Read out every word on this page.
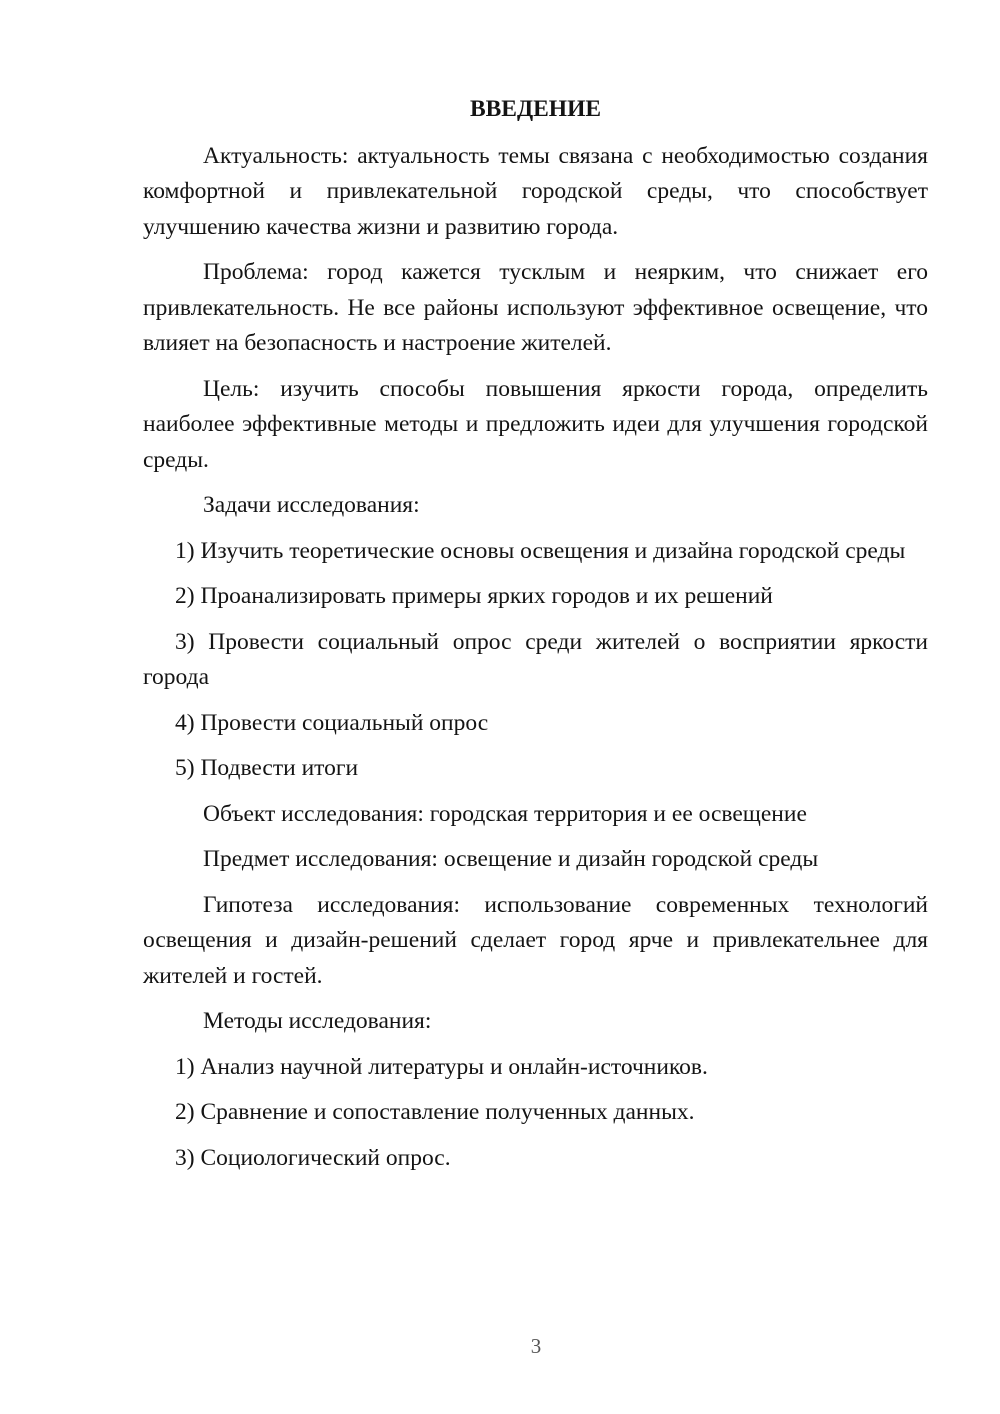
ВВЕДЕНИЕ

Актуальность: актуальность темы связана с необходимостью создания комфортной и привлекательной городской среды, что способствует улучшению качества жизни и развитию города.

Проблема: город кажется тусклым и неярким, что снижает его привлекательность. Не все районы используют эффективное освещение, что влияет на безопасность и настроение жителей.

Цель: изучить способы повышения яркости города, определить наиболее эффективные методы и предложить идеи для улучшения городской среды.

Задачи исследования:

1) Изучить теоретические основы освещения и дизайна городской среды

2) Проанализировать примеры ярких городов и их решений

3) Провести социальный опрос среди жителей о восприятии яркости города

4) Провести социальный опрос

5) Подвести итоги

Объект исследования: городская территория и ее освещение

Предмет исследования: освещение и дизайн городской среды

Гипотеза исследования: использование современных технологий освещения и дизайн-решений сделает город ярче и привлекательнее для жителей и гостей.

Методы исследования:

1) Анализ научной литературы и онлайн-источников.

2) Сравнение и сопоставление полученных данных.

3) Социологический опрос.

3
